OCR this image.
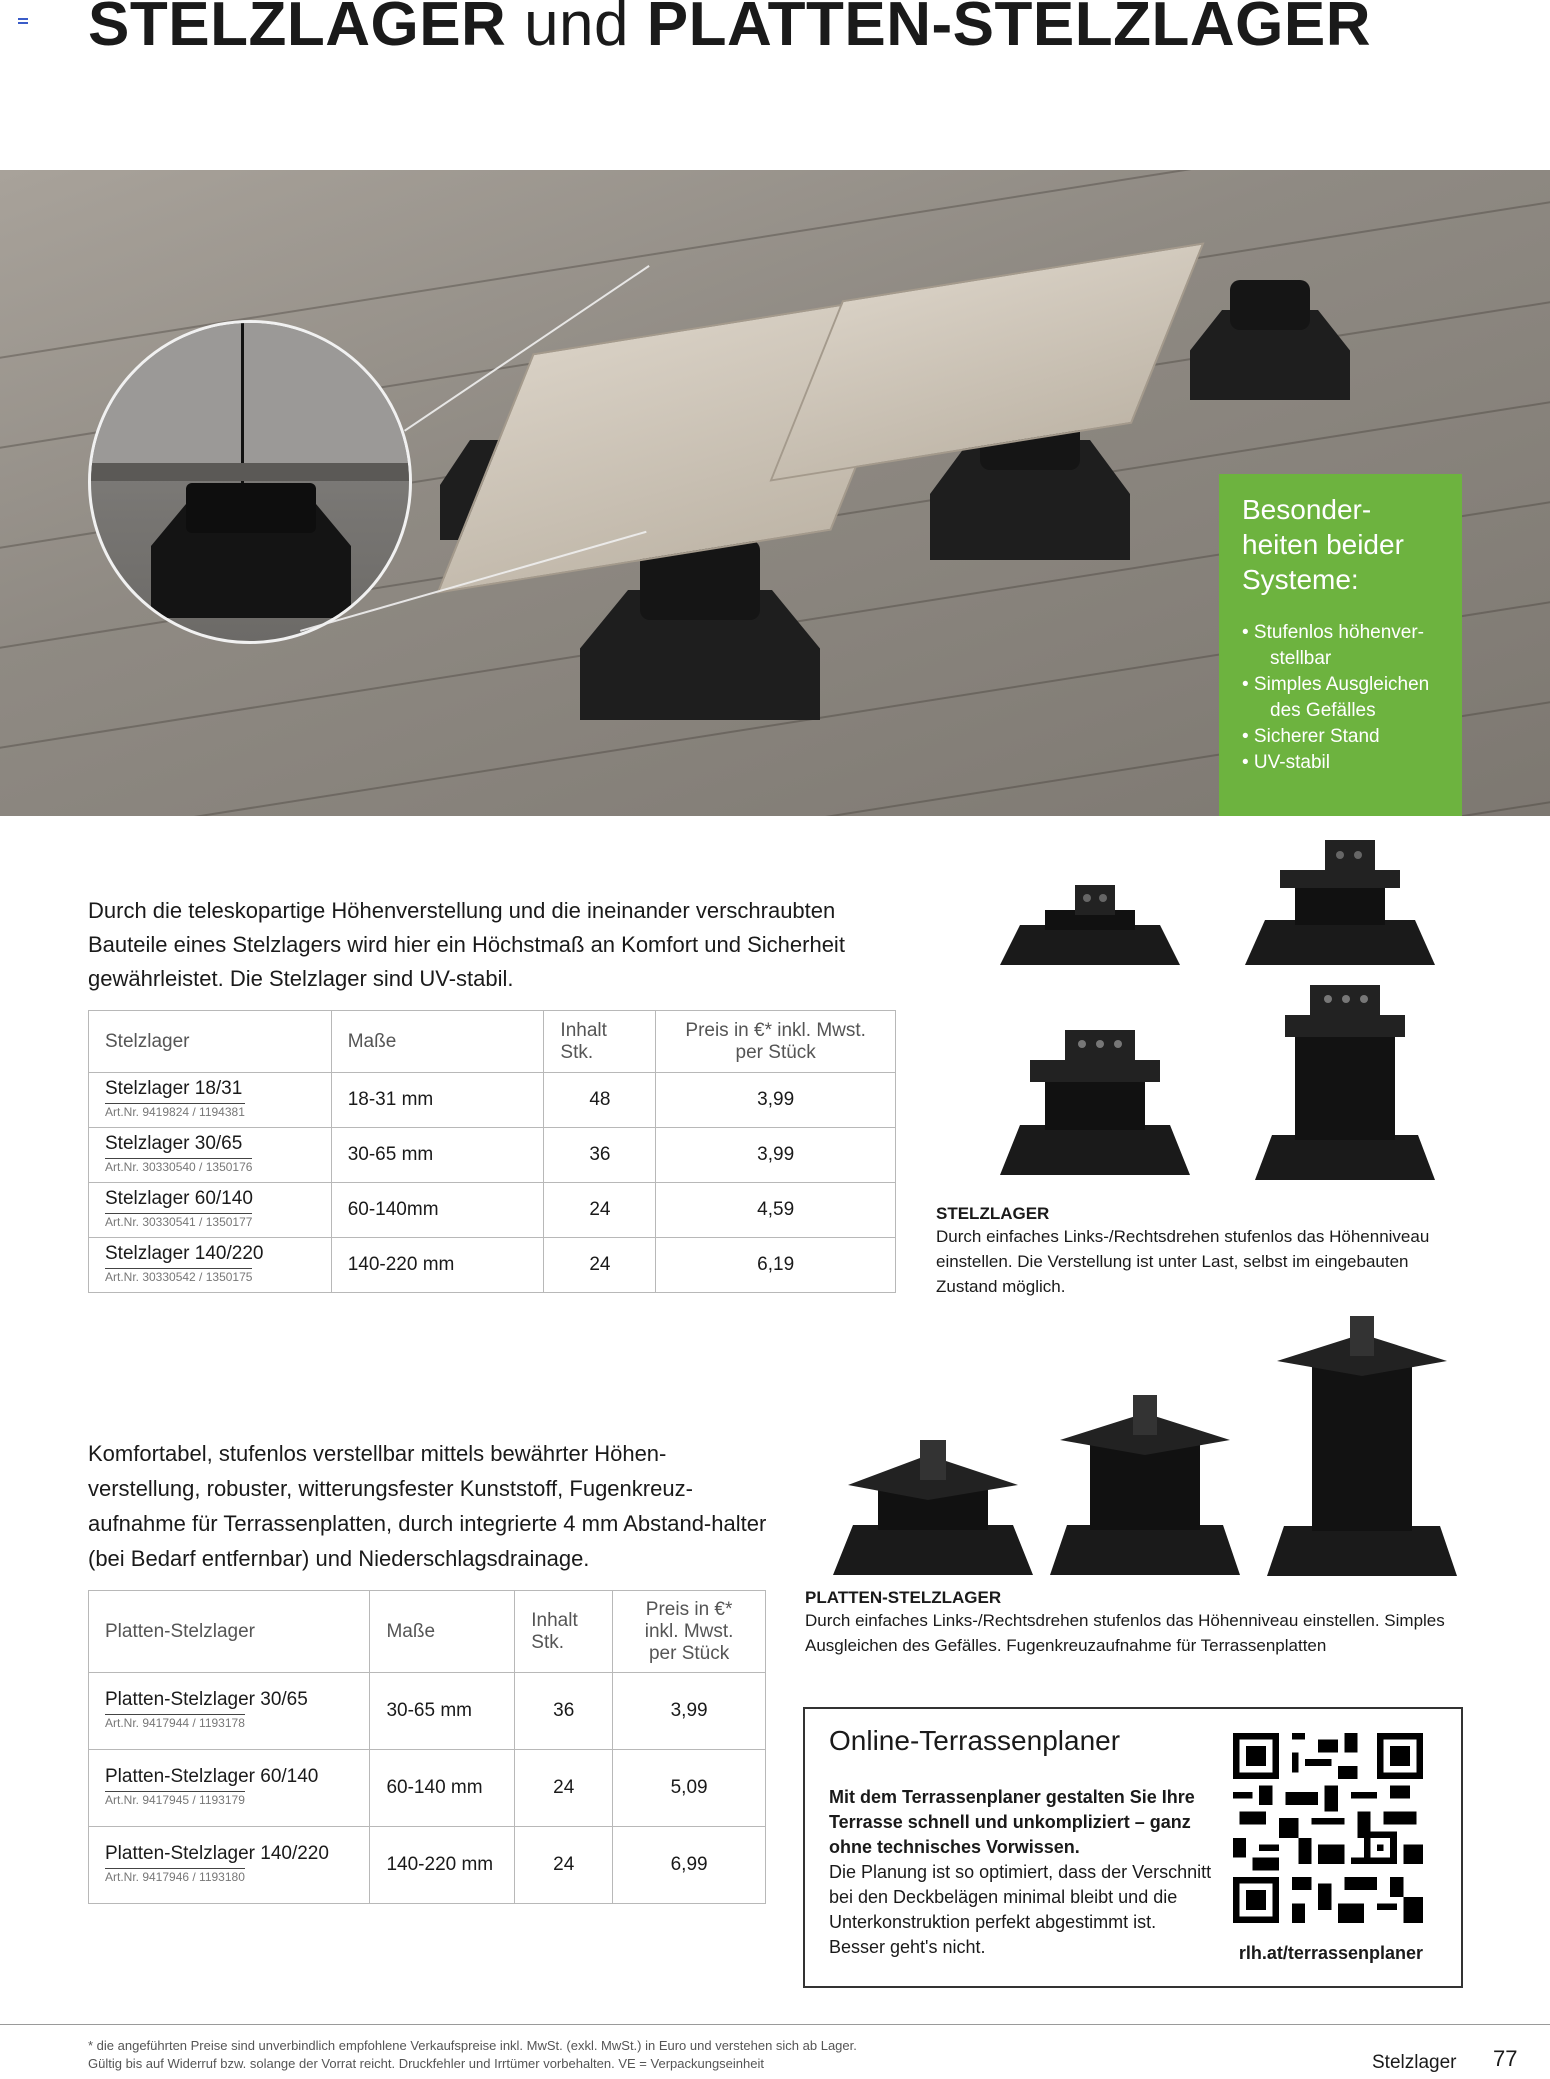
STELZLAGER und PLATTEN-STELZLAGER
Besonder-
heiten beider
Systeme:
• Stufenlos höhenver-
stellbar
• Simples Ausgleichen
des Gefälles
• Sicherer Stand
• UV-stabil
Durch die teleskopartige Höhenverstellung und die ineinander verschraubten Bauteile eines Stelzlagers wird hier ein Höchstmaß an Komfort und Sicherheit gewährleistet. Die Stelzlager sind UV-stabil.
Stelzlager	Maße	Inhalt Stk.	Preis in €* inkl. Mwst. per Stück

Stelzlager 18/31
Art.Nr. 9419824 / 1194381	18-31 mm	48	3,99

Stelzlager 30/65
Art.Nr. 30330540 / 1350176	30-65 mm	36	3,99

Stelzlager 60/140
Art.Nr. 30330541 / 1350177	60-140mm	24	4,59

Stelzlager 140/220
Art.Nr. 30330542 / 1350175	140-220 mm	24	6,19
STELZLAGER
Durch einfaches Links-/Rechtsdrehen stufenlos das Höhenniveau einstellen. Die Verstellung ist unter Last, selbst im eingebauten Zustand möglich.
Komfortabel, stufenlos verstellbar mittels bewährter Höhen-verstellung, robuster, witterungsfester Kunststoff, Fugenkreuz-aufnahme für Terrassenplatten, durch integrierte 4 mm Abstand-halter (bei Bedarf entfernbar) und Niederschlagsdrainage.
PLATTEN-STELZLAGER
Durch einfaches Links-/Rechtsdrehen stufenlos das Höhenniveau einstellen. Simples Ausgleichen des Gefälles. Fugenkreuzaufnahme für Terrassenplatten
Platten-Stelzlager	Maße	Inhalt Stk.	Preis in €* inkl. Mwst. per Stück

Platten-Stelzlager 30/65
Art.Nr. 9417944 / 1193178	30-65 mm	36	3,99

Platten-Stelzlager 60/140
Art.Nr. 9417945 / 1193179	60-140 mm	24	5,09

Platten-Stelzlager 140/220
Art.Nr. 9417946 / 1193180	140-220 mm	24	6,99
Online-Terrassenplaner
Mit dem Terrassenplaner gestalten Sie Ihre Terrasse schnell und unkompliziert – ganz ohne technisches Vorwissen.
Die Planung ist so optimiert, dass der Verschnitt bei den Deckbelägen minimal bleibt und die Unterkonstruktion perfekt abgestimmt ist. Besser geht's nicht.	rlh.at/terrassenplaner
* die angeführten Preise sind unverbindlich empfohlene Verkaufspreise inkl. MwSt. (exkl. MwSt.) in Euro und verstehen sich ab Lager.
Gültig bis auf Widerruf bzw. solange der Vorrat reicht. Druckfehler und Irrtümer vorbehalten. VE = Verpackungseinheit	Stelzlager 77
